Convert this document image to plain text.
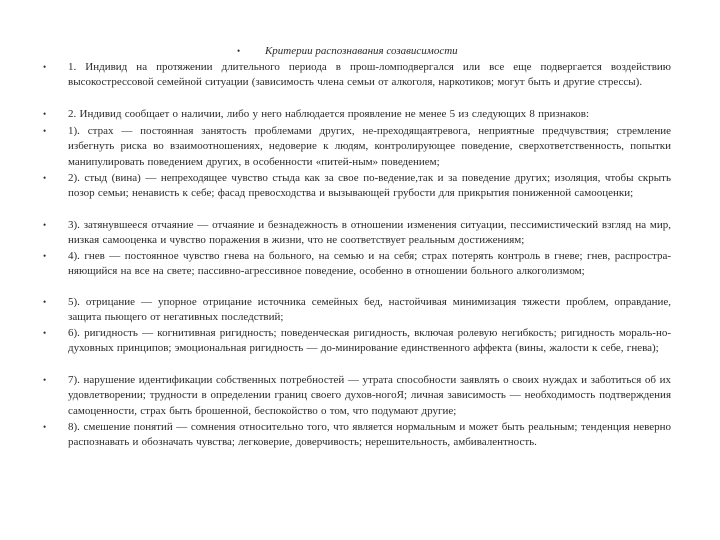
• Критерии распознавания созависимости
• 1. Индивид на протяжении длительного периода в прош-ломподвергался или все еще подвергается воздействию высокострессовой семейной ситуации (зависимость члена семьи от алкоголя, наркотиков; могут быть и другие стрессы).
• 2. Индивид сообщает о наличии, либо у него наблюдается проявление не менее 5 из следующих 8 признаков:
• 1). страх — постоянная занятость проблемами других, не-преходящаятревога, неприятные предчувствия; стремление избегнуть риска во взаимоотношениях, недоверие к людям, контролирующее поведение, сверхответственность, попытки манипулировать поведением других, в особенности «питей-ным» поведением;
• 2). стыд (вина) — непреходящее чувство стыда как за свое по-ведение,так и за поведение других; изоляция, чтобы скрыть позор семьи; ненависть к себе; фасад превосходства и вызывающей грубости для прикрытия пониженной самооценки;
• 3). затянувшееся отчаяние — отчаяние и безнадежность в отношении изменения ситуации, пессимистический взгляд на мир, низкая самооценка и чувство поражения в жизни, что не соответствует реальным достижениям;
• 4). гнев — постоянное чувство гнева на больного, на семью и на себя; страх потерять контроль в гневе; гнев, распростра-няющийся на все на свете; пассивно-агрессивное поведение, особенно в отношении больного алкоголизмом;
• 5). отрицание — упорное отрицание источника семейных бед, настойчивая минимизация тяжести проблем, оправдание, защита пьющего от негативных последствий;
• 6). ригидность — когнитивная ригидность; поведенческая ригидность, включая ролевую негибкость; ригидность мораль-но-духовных принципов; эмоциональная ригидность — до-минирование единственного аффекта (вины, жалости к себе, гнева);
• 7). нарушение идентификации собственных потребностей — утрата способности заявлять о своих нуждах и заботиться об их удовлетворении; трудности в определении границ своего духов-ногоЯ; личная зависимость — необходимость подтверждения самоценности, страх быть брошенной, беспокойство о том, что подумают другие;
• 8). смешение понятий — сомнения относительно того, что является нормальным и может быть реальным; тенденция неверно распознавать и обозначать чувства; легковерие, доверчивость; нерешительность, амбивалентность.
